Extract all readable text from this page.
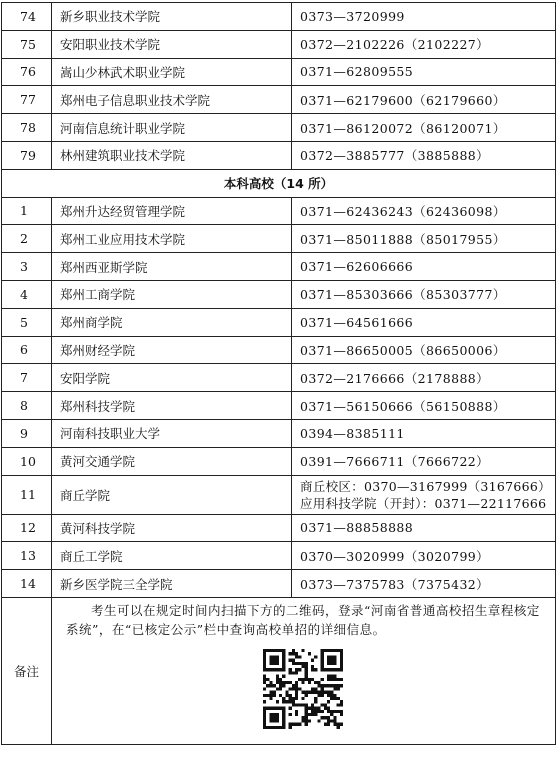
74	新乡职业技术学院	0373—3720999
75	安阳职业技术学院	0372—2102226（2102227）
76	嵩山少林武术职业学院	0371—62809555
77	郑州电子信息职业技术学院	0371—62179600（62179660）
78	河南信息统计职业学院	0371—86120072（86120071）
79	林州建筑职业技术学院	0372—3885777（3885888）
本科高校（14 所）		
1	郑州升达经贸管理学院	0371—62436243（62436098）
2	郑州工业应用技术学院	0371—85011888（85017955）
3	郑州西亚斯学院	0371—62606666
4	郑州工商学院	0371—85303666（85303777）
5	郑州商学院	0371—64561666
6	郑州财经学院	0371—86650005（86650006）
7	安阳学院	0372—2176666（2178888）
8	郑州科技学院	0371—56150666（56150888）
9	河南科技职业大学	0394—8385111
10	黄河交通学院	0391—7666711（7666722）
11	商丘学院	商丘校区：0370—3167999（3167666）
应用科技学院（开封）：0371—22117666

12	黄河科技学院	0371—88858888
13	商丘工学院	0370—3020999（3020799）
14	新乡医学院三全学院	0373—7375783（7375432）
备注	考生可以在规定时间内扫描下方的二维码，登录“河南省普通高校招生章程核定系统”，在“已核定公示”栏中查询高校单招的详细信息。	
